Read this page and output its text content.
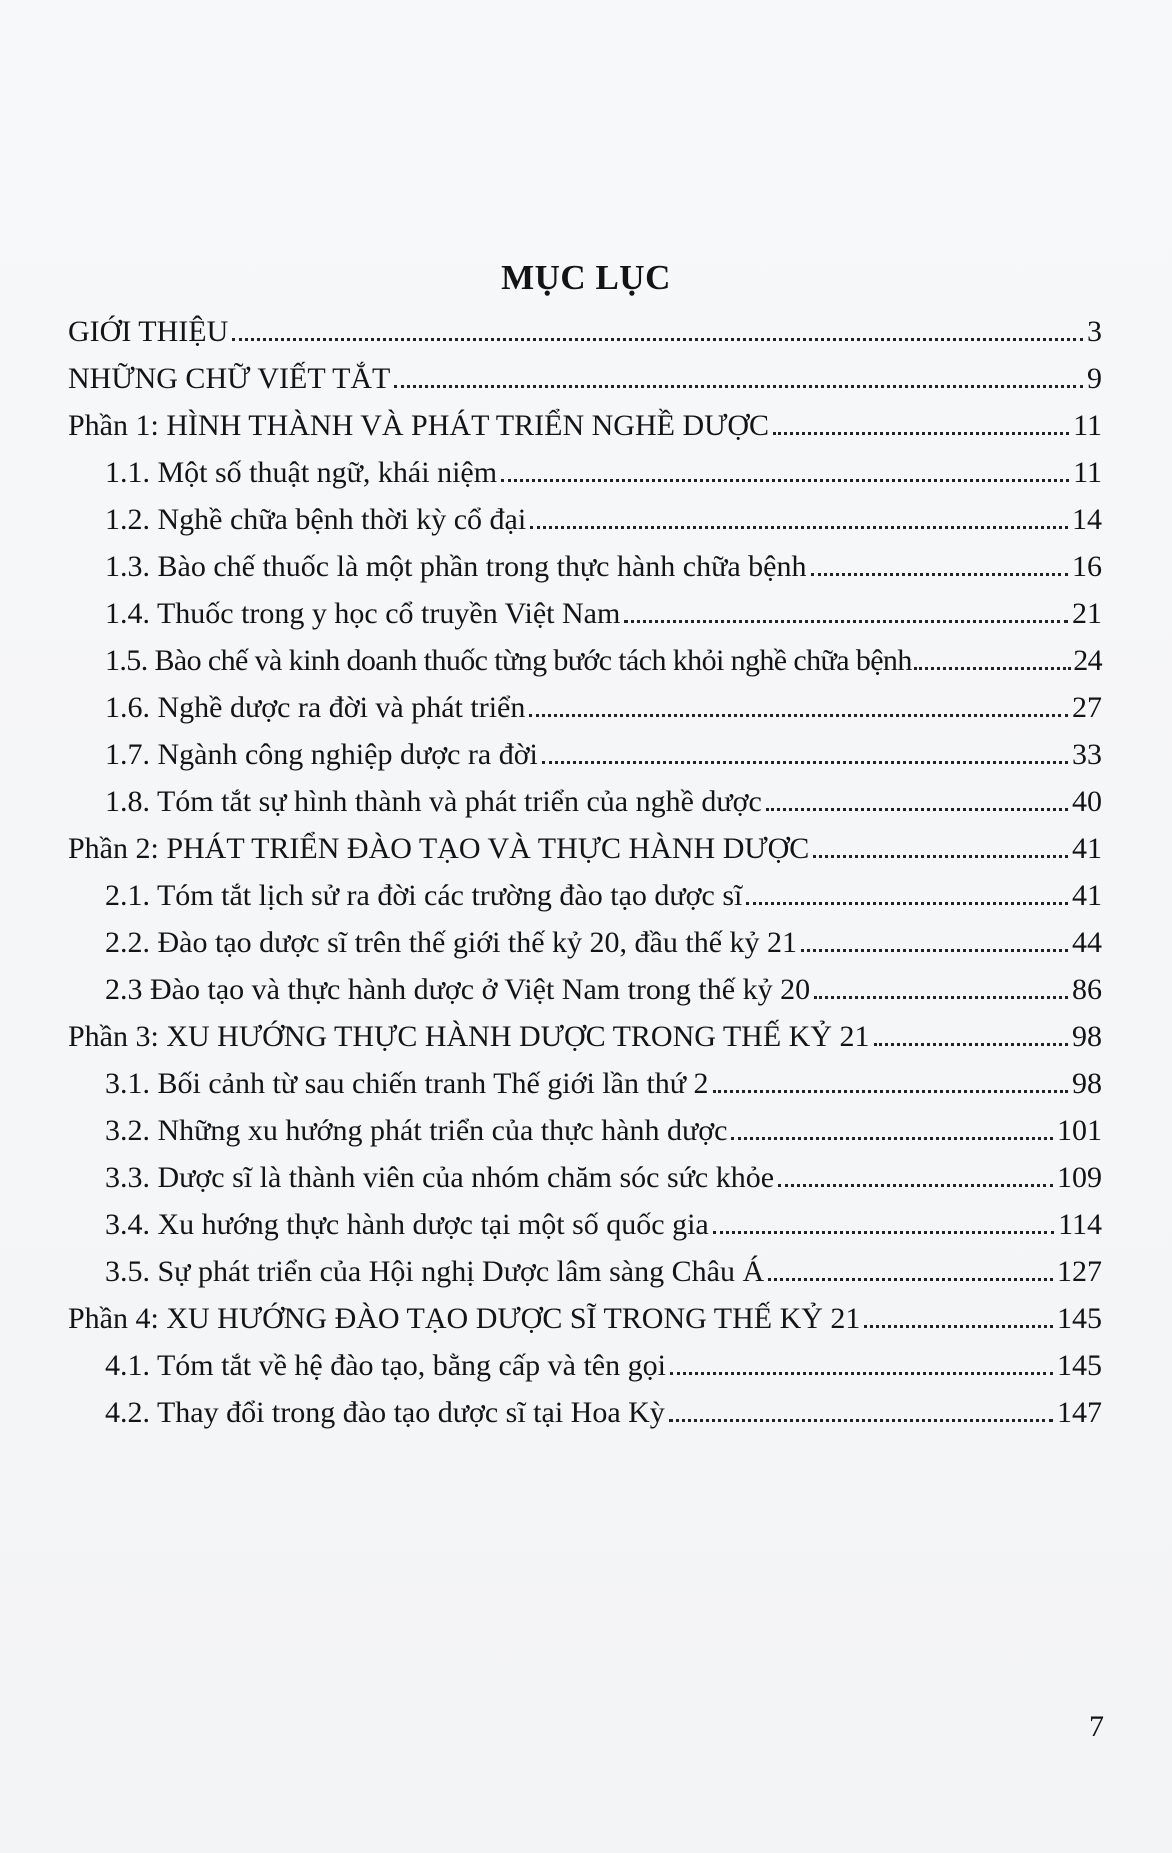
MỤC LỤC
GIỚI THIỆU	3
NHỮNG CHỮ VIẾT TẮT	9
Phần 1: HÌNH THÀNH VÀ PHÁT TRIỂN NGHỀ DƯỢC	11
1.1. Một số thuật ngữ, khái niệm	11
1.2. Nghề chữa bệnh thời kỳ cổ đại	14
1.3. Bào chế thuốc là một phần trong thực hành chữa bệnh	16
1.4. Thuốc trong y học cổ truyền Việt Nam	21
1.5. Bào chế và kinh doanh thuốc từng bước tách khỏi nghề chữa bệnh	24
1.6. Nghề dược ra đời và phát triển	27
1.7. Ngành công nghiệp dược ra đời	33
1.8. Tóm tắt sự hình thành và phát triển của nghề dược	40
Phần 2: PHÁT TRIỂN ĐÀO TẠO VÀ THỰC HÀNH DƯỢC	41
2.1. Tóm tắt lịch sử ra đời các trường đào tạo dược sĩ	41
2.2. Đào tạo dược sĩ trên thế giới thế kỷ 20, đầu thế kỷ 21	44
2.3 Đào tạo và thực hành dược ở Việt Nam trong thế kỷ 20	86
Phần 3: XU HƯỚNG THỰC HÀNH DƯỢC TRONG THẾ KỶ 21	98
3.1. Bối cảnh từ sau chiến tranh Thế giới lần thứ 2	98
3.2. Những xu hướng phát triển của thực hành dược	101
3.3. Dược sĩ là thành viên của nhóm chăm sóc sức khỏe	109
3.4. Xu hướng thực hành dược tại một số quốc gia	114
3.5. Sự phát triển của Hội nghị Dược lâm sàng Châu Á	127
Phần 4: XU HƯỚNG ĐÀO TẠO DƯỢC SĨ TRONG THẾ KỶ 21	145
4.1. Tóm tắt về hệ đào tạo, bằng cấp và tên gọi	145
4.2. Thay đổi trong đào tạo dược sĩ tại Hoa Kỳ	147
7
